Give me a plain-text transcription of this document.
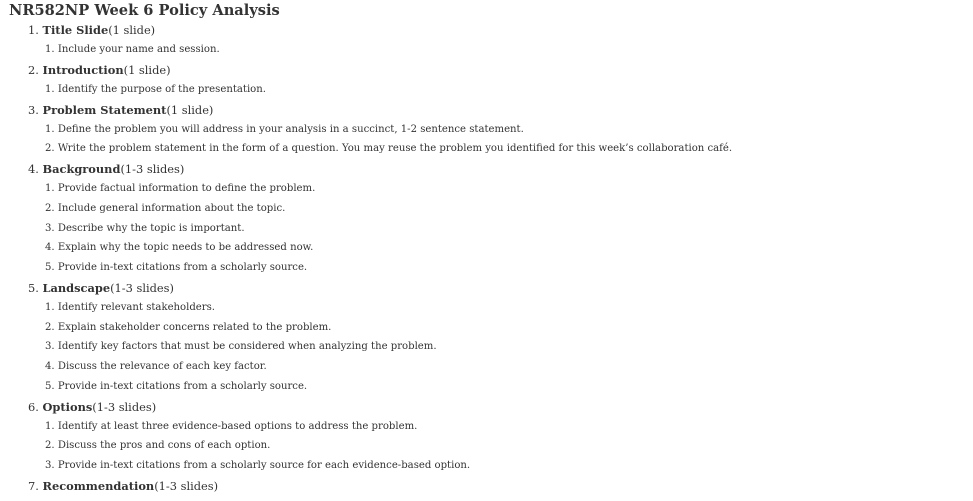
NR582NP Week 6 Policy Analysis
1. Title Slide(1 slide)
1. Include your name and session.
2. Introduction(1 slide)
1. Identify the purpose of the presentation.
3. Problem Statement(1 slide)
1. Define the problem you will address in your analysis in a succinct, 1-2 sentence statement.
2. Write the problem statement in the form of a question. You may reuse the problem you identified for this week’s collaboration café.
4. Background(1-3 slides)
1. Provide factual information to define the problem.
2. Include general information about the topic.
3. Describe why the topic is important.
4. Explain why the topic needs to be addressed now.
5. Provide in-text citations from a scholarly source.
5. Landscape(1-3 slides)
1. Identify relevant stakeholders.
2. Explain stakeholder concerns related to the problem.
3. Identify key factors that must be considered when analyzing the problem.
4. Discuss the relevance of each key factor.
5. Provide in-text citations from a scholarly source.
6. Options(1-3 slides)
1. Identify at least three evidence-based options to address the problem.
2. Discuss the pros and cons of each option.
3. Provide in-text citations from a scholarly source for each evidence-based option.
7. Recommendation(1-3 slides)
